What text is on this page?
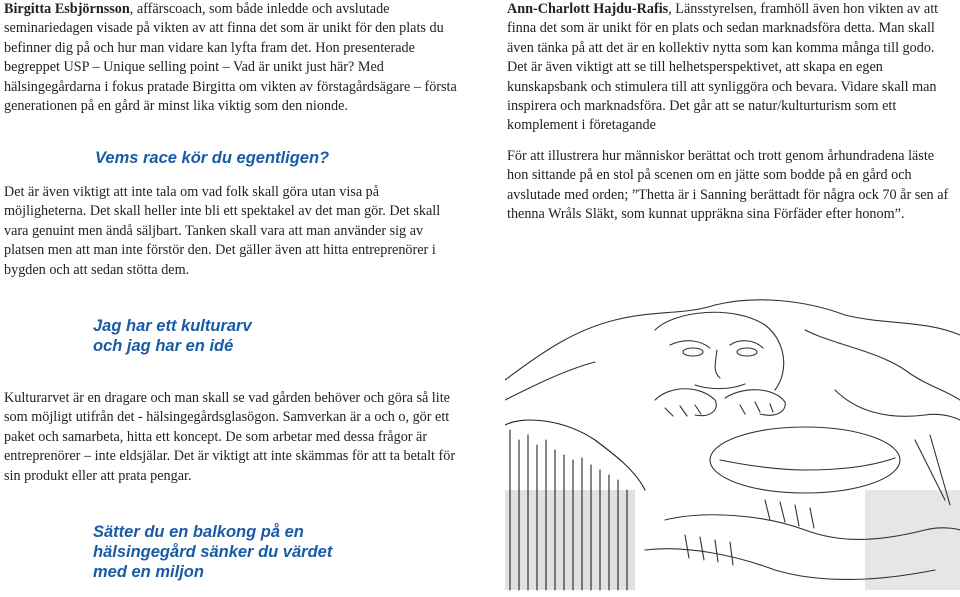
Birgitta Esbjörnsson, affärscoach, som både inledde och avslutade seminariedagen visade på vikten av att finna det som är unikt för den plats du befinner dig på och hur man vidare kan lyfta fram det. Hon presenterade begreppet USP – Unique selling point – Vad är unikt just här? Med hälsingegårdarna i fokus pratade Birgitta om vikten av förstagårdsägare – första generationen på en gård är minst lika viktig som den nionde.

Vems race kör du egentligen?

Det är även viktigt att inte tala om vad folk skall göra utan visa på möjligheterna. Det skall heller inte bli ett spektakel av det man gör. Det skall vara genuint men ändå säljbart. Tanken skall vara att man använder sig av platsen men att man inte förstör den. Det gäller även att hitta entreprenörer i bygden och att sedan stötta dem.

Jag har ett kulturarv
och jag har en idé

Kulturarvet är en dragare och man skall se vad gården behöver och göra så lite som möjligt utifrån det - hälsingegårdsglasögon. Samverkan är a och o, gör ett paket och samarbeta, hitta ett koncept. De som arbetar med dessa frågor är entreprenörer – inte eldsjälar. Det är viktigt att inte skämmas för att ta betalt för sin produkt eller att prata pengar.

Sätter du en balkong på en
hälsingegård sänker du värdet
med en miljon

Ann-Charlott Hajdu-Rafis, Länsstyrelsen, framhöll även hon vikten av att finna det som är unikt för en plats och sedan marknadsföra detta. Man skall även tänka på att det är en kollektiv nytta som kan komma många till godo. Det är även viktigt att se till helhetsperspektivet, att skapa en egen kunskapsbank och stimulera till att synliggöra och bevara. Vidare skall man inspirera och marknadsföra. Det går att se natur/kulturturism som ett komplement i företagande

För att illustrera hur människor berättat och trott genom århundradena läste hon sittande på en stol på scenen om en jätte som bodde på en gård och avslutade med orden; ”Thetta är i Sanning berättadt för några ock 70 år sen af thenna Wråls Släkt, som kunnat uppräkna sina Förfäder efter honom”.
